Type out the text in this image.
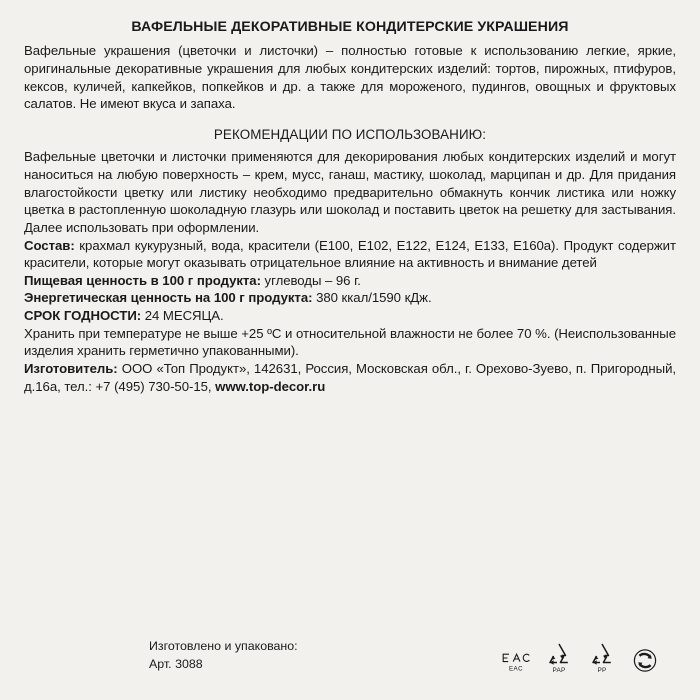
ВАФЕЛЬНЫЕ ДЕКОРАТИВНЫЕ КОНДИТЕРСКИЕ УКРАШЕНИЯ

Вафельные украшения (цветочки и листочки) – полностью готовые к использованию легкие, яркие, оригинальные декоративные украшения для любых кондитерских изделий: тортов, пирожных, птифуров, кексов, куличей, капкейков, попкейков и др. а также для мороженого, пудингов, овощных и фруктовых салатов. Не имеют вкуса и запаха.

РЕКОМЕНДАЦИИ ПО ИСПОЛЬЗОВАНИЮ:

Вафельные цветочки и листочки применяются для декорирования любых кондитерских изделий и могут наноситься на любую поверхность – крем, мусс, ганаш, мастику, шоколад, марципан и др. Для придания влагостойкости цветку или листику необходимо предварительно обмакнуть кончик листика или ножку цветка в растопленную шоколадную глазурь или шоколад и поставить цветок на решетку для застывания. Далее использовать при оформлении.

Состав: крахмал кукурузный, вода, красители (Е100, Е102, Е122, Е124, Е133, Е160a). Продукт содержит красители, которые могут оказывать отрицательное влияние на активность и внимание детей

Пищевая ценность в 100 г продукта: углеводы – 96 г.

Энергетическая ценность на 100 г продукта: 380 ккал/1590 кДж.

СРОК ГОДНОСТИ: 24 МЕСЯЦА.

Хранить при температуре не выше +25 ºС и относительной влажности не более 70 %. (Неиспользованные изделия хранить герметично упакованными).

Изготовитель: ООО «Топ Продукт», 142631, Россия, Московская обл., г. Орехово-Зуево, п. Пригородный, д.16а, тел.: +7 (495) 730-50-15, www.top-decor.ru

Изготовлено и упаковано:
Арт. 3088	EAC	PAP	PP
